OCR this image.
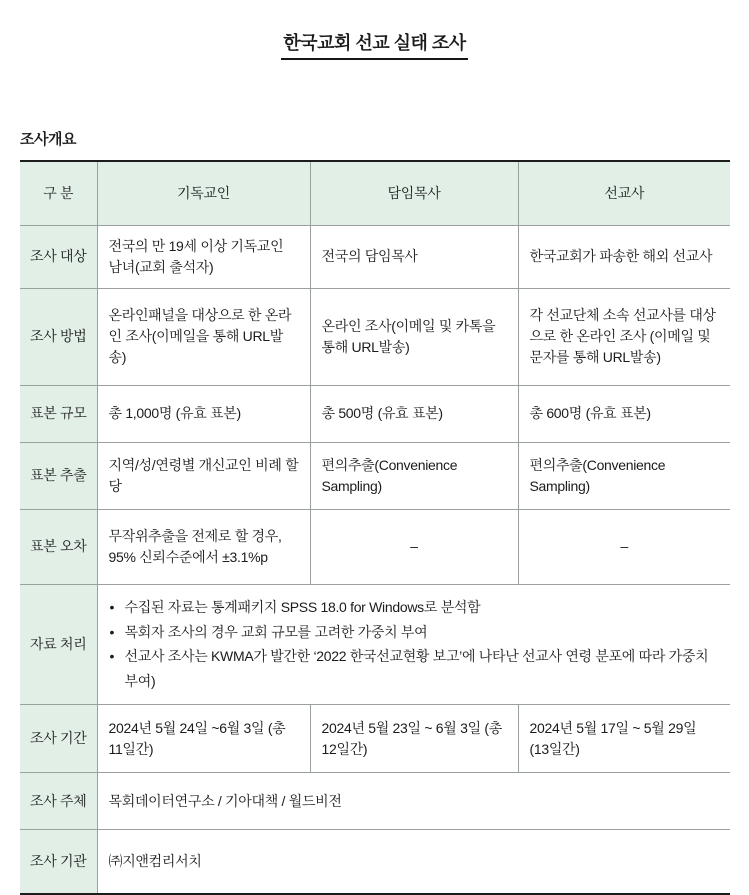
한국교회 선교 실태 조사
조사개요
구 분	기독교인	담임목사	선교사
조사 대상	전국의 만 19세 이상 기독교인 남녀(교회 출석자)	전국의 담임목사	한국교회가 파송한 해외 선교사
조사 방법	온라인패널을 대상으로 한 온라인 조사(이메일을 통해 URL발송)	온라인 조사(이메일 및 카톡을 통해 URL발송)	각 선교단체 소속 선교사를 대상으로 한 온라인 조사 (이메일 및 문자를 통해 URL발송)
표본 규모	총 1,000명 (유효 표본)	총 500명 (유효 표본)	총 600명 (유효 표본)
표본 추출	지역/성/연령별 개신교인 비례 할당	편의추출(Convenience Sampling)	편의추출(Convenience Sampling)
표본 오차	무작위추출을 전제로 할 경우, 95% 신뢰수준에서 ±3.1%p	–	–
자료 처리	
• 수집된 자료는 통계패키지 SPSS 18.0 for Windows로 분석함
• 목회자 조사의 경우 교회 규모를 고려한 가중치 부여
• 선교사 조사는 KWMA가 발간한 ‘2022 한국선교현황 보고’에 나타난 선교사 연령 분포에 따라 가중치 부여)

조사 기간	2024년 5월 24일 ~6월 3일 (총 11일간)	2024년 5월 23일 ~ 6월 3일 (총 12일간)	2024년 5월 17일 ~ 5월 29일 (13일간)
조사 주체	목회데이터연구소 / 기아대책 / 월드비전		
조사 기관	㈜지앤컴리서치		
